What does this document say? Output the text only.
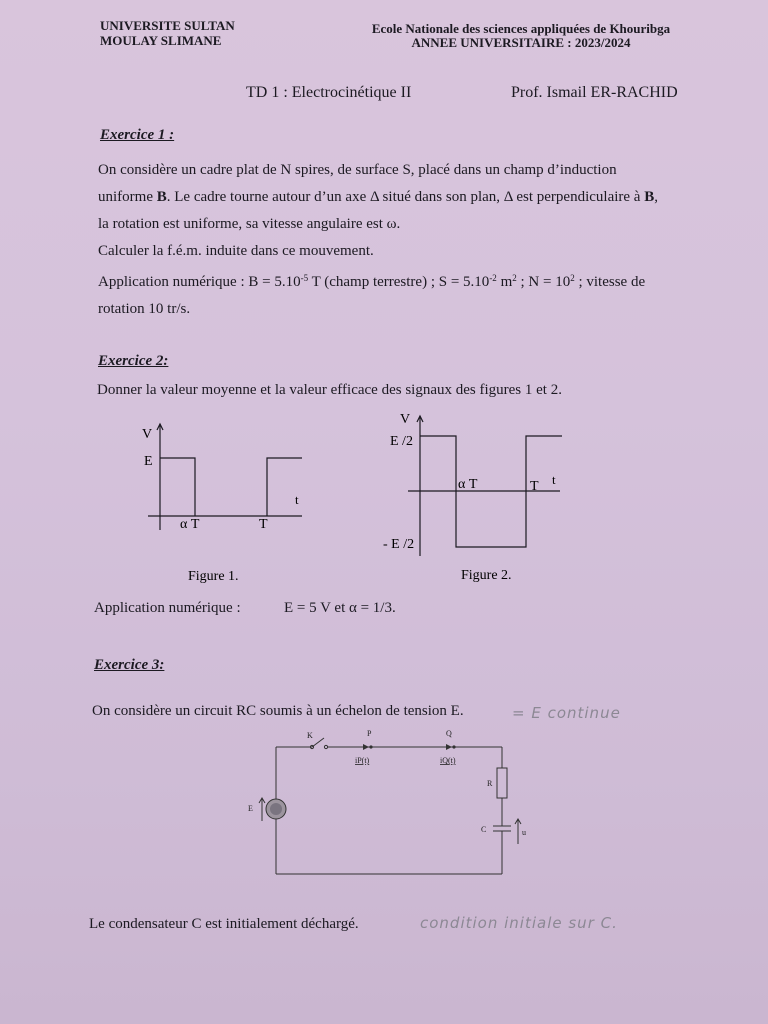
UNIVERSITE SULTAN
MOULAY SLIMANE
Ecole Nationale des sciences appliquées de Khouribga
ANNEE UNIVERSITAIRE : 2023/2024
TD 1 : Electrocinétique II	Prof. Ismail ER-RACHID
Exercice 1 :
On considère un cadre plat de N spires, de surface S, placé dans un champ d’induction
uniforme B. Le cadre tourne autour d’un axe Δ situé dans son plan, Δ est perpendiculaire à B,
la rotation est uniforme, sa vitesse angulaire est ω.
Calculer la f.é.m. induite dans ce mouvement.
Application numérique : $B = 5.10^{-5}$ T (champ terrestre) ; $S = 5.10^{-2}$ $m^2$ ; $N = 10^2$ ; vitesse de
rotation 10 tr/s.
Exercice 2:
Donner la valeur moyenne et la valeur efficace des signaux des figures 1 et 2.
V
E
t
α T	T
Figure 1.
V
E /2
- E /2
α T	T t
Figure 2.
Application numérique :	E = 5 V et α = 1/3.
Exercice 3:
On considère un circuit RC soumis à un échelon de tension E.	= E continue
K	P	Q
iP(t)	iQ(t)
R
C	u
E
Le condensateur C est initialement déchargé.	condition initiale sur C.
